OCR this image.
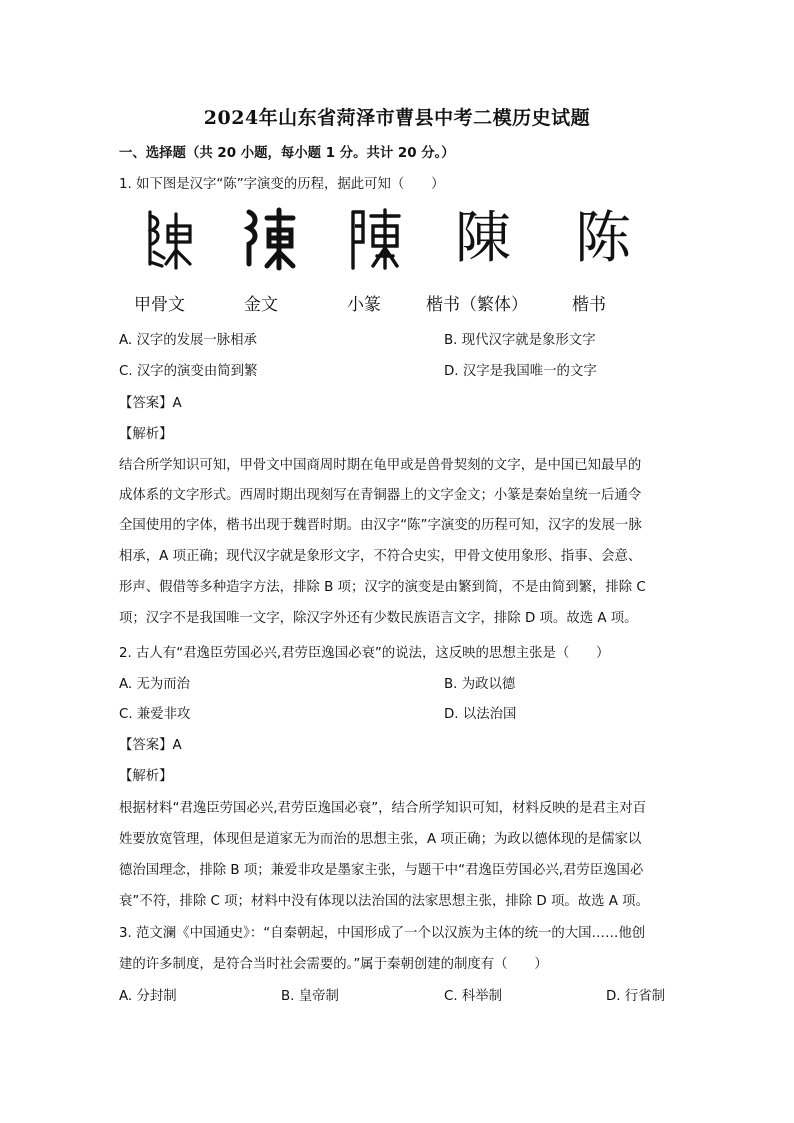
2024年山东省菏泽市曹县中考二模历史试题
一、选择题（共 20 小题，每小题 1 分。共计 20 分。）
1. 如下图是汉字“陈”字演变的历程，据此可知（　　）
陳 陈
甲骨文	金文	小篆	楷书（繁体）	楷书
A. 汉字的发展一脉相承	B. 现代汉字就是象形文字
C. 汉字的演变由简到繁	D. 汉字是我国唯一的文字
【答案】A
【解析】
结合所学知识可知，甲骨文中国商周时期在龟甲或是兽骨契刻的文字，是中国已知最早的
成体系的文字形式。西周时期出现刻写在青铜器上的文字金文；小篆是秦始皇统一后通令
全国使用的字体，楷书出现于魏晋时期。由汉字“陈”字演变的历程可知，汉字的发展一脉
相承，A 项正确；现代汉字就是象形文字，不符合史实，甲骨文使用象形、指事、会意、
形声、假借等多种造字方法，排除 B 项；汉字的演变是由繁到简，不是由简到繁，排除 C
项；汉字不是我国唯一文字，除汉字外还有少数民族语言文字，排除 D 项。故选 A 项。
2. 古人有“君逸臣劳国必兴,君劳臣逸国必衰”的说法，这反映的思想主张是（　　）
A. 无为而治	B. 为政以德
C. 兼爱非攻	D. 以法治国
【答案】A
【解析】
根据材料“君逸臣劳国必兴,君劳臣逸国必衰”，结合所学知识可知，材料反映的是君主对百
姓要放宽管理，体现但是道家无为而治的思想主张，A 项正确；为政以德体现的是儒家以
德治国理念，排除 B 项；兼爱非攻是墨家主张，与题干中“君逸臣劳国必兴,君劳臣逸国必
衰”不符，排除 C 项；材料中没有体现以法治国的法家思想主张，排除 D 项。故选 A 项。
3. 范文澜《中国通史》：“自秦朝起，中国形成了一个以汉族为主体的统一的大国……他创
建的许多制度，是符合当时社会需要的。”属于秦朝创建的制度有（　　）
A. 分封制	B. 皇帝制	C. 科举制	D. 行省制
